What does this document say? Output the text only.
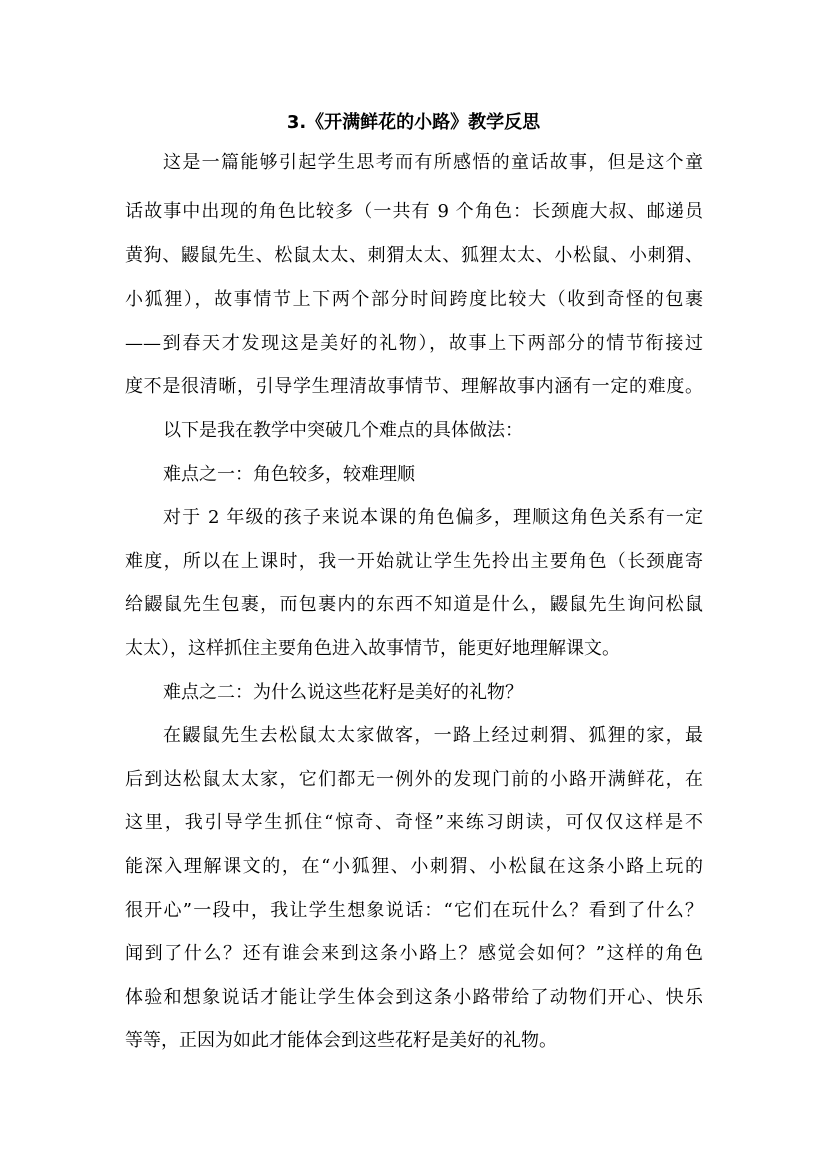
3.《开满鲜花的小路》教学反思
这是一篇能够引起学生思考而有所感悟的童话故事，但是这个童
话故事中出现的角色比较多（一共有 9 个角色：长颈鹿大叔、邮递员
黄狗、鼹鼠先生、松鼠太太、刺猬太太、狐狸太太、小松鼠、小刺猬、
小狐狸），故事情节上下两个部分时间跨度比较大（收到奇怪的包裹
——到春天才发现这是美好的礼物），故事上下两部分的情节衔接过
度不是很清晰，引导学生理清故事情节、理解故事内涵有一定的难度。
以下是我在教学中突破几个难点的具体做法：
难点之一：角色较多，较难理顺
对于 2 年级的孩子来说本课的角色偏多，理顺这角色关系有一定
难度，所以在上课时，我一开始就让学生先拎出主要角色（长颈鹿寄
给鼹鼠先生包裹，而包裹内的东西不知道是什么，鼹鼠先生询问松鼠
太太），这样抓住主要角色进入故事情节，能更好地理解课文。
难点之二：为什么说这些花籽是美好的礼物？
在鼹鼠先生去松鼠太太家做客，一路上经过刺猬、狐狸的家，最
后到达松鼠太太家，它们都无一例外的发现门前的小路开满鲜花，在
这里，我引导学生抓住“惊奇、奇怪”来练习朗读，可仅仅这样是不
能深入理解课文的，在“小狐狸、小刺猬、小松鼠在这条小路上玩的
很开心”一段中，我让学生想象说话：“它们在玩什么？看到了什么？
闻到了什么？还有谁会来到这条小路上？感觉会如何？”这样的角色
体验和想象说话才能让学生体会到这条小路带给了动物们开心、快乐
等等，正因为如此才能体会到这些花籽是美好的礼物。
